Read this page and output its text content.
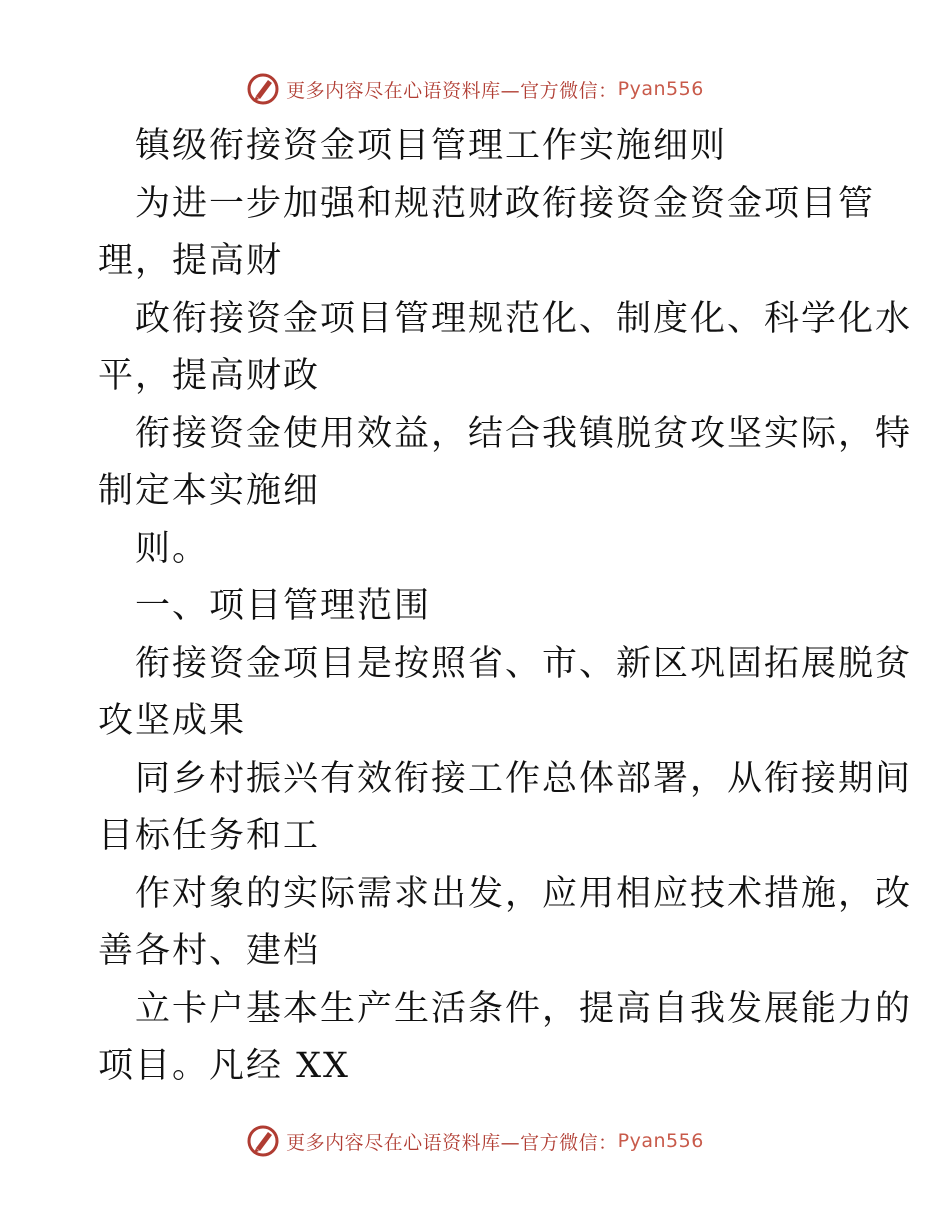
更多内容尽在心语资料库—官方微信： Pyan556
镇级衔接资金项目管理工作实施细则
为进一步加强和规范财政衔接资金资金项目管
理，提高财
政衔接资金项目管理规范化、制度化、科学化水
平，提高财政
衔接资金使用效益，结合我镇脱贫攻坚实际，特
制定本实施细
则。
一、项目管理范围
衔接资金项目是按照省、市、新区巩固拓展脱贫
攻坚成果
同乡村振兴有效衔接工作总体部署，从衔接期间
目标任务和工
作对象的实际需求出发，应用相应技术措施，改
善各村、建档
立卡户基本生产生活条件，提高自我发展能力的
项目。凡经 XX
更多内容尽在心语资料库—官方微信： Pyan556
